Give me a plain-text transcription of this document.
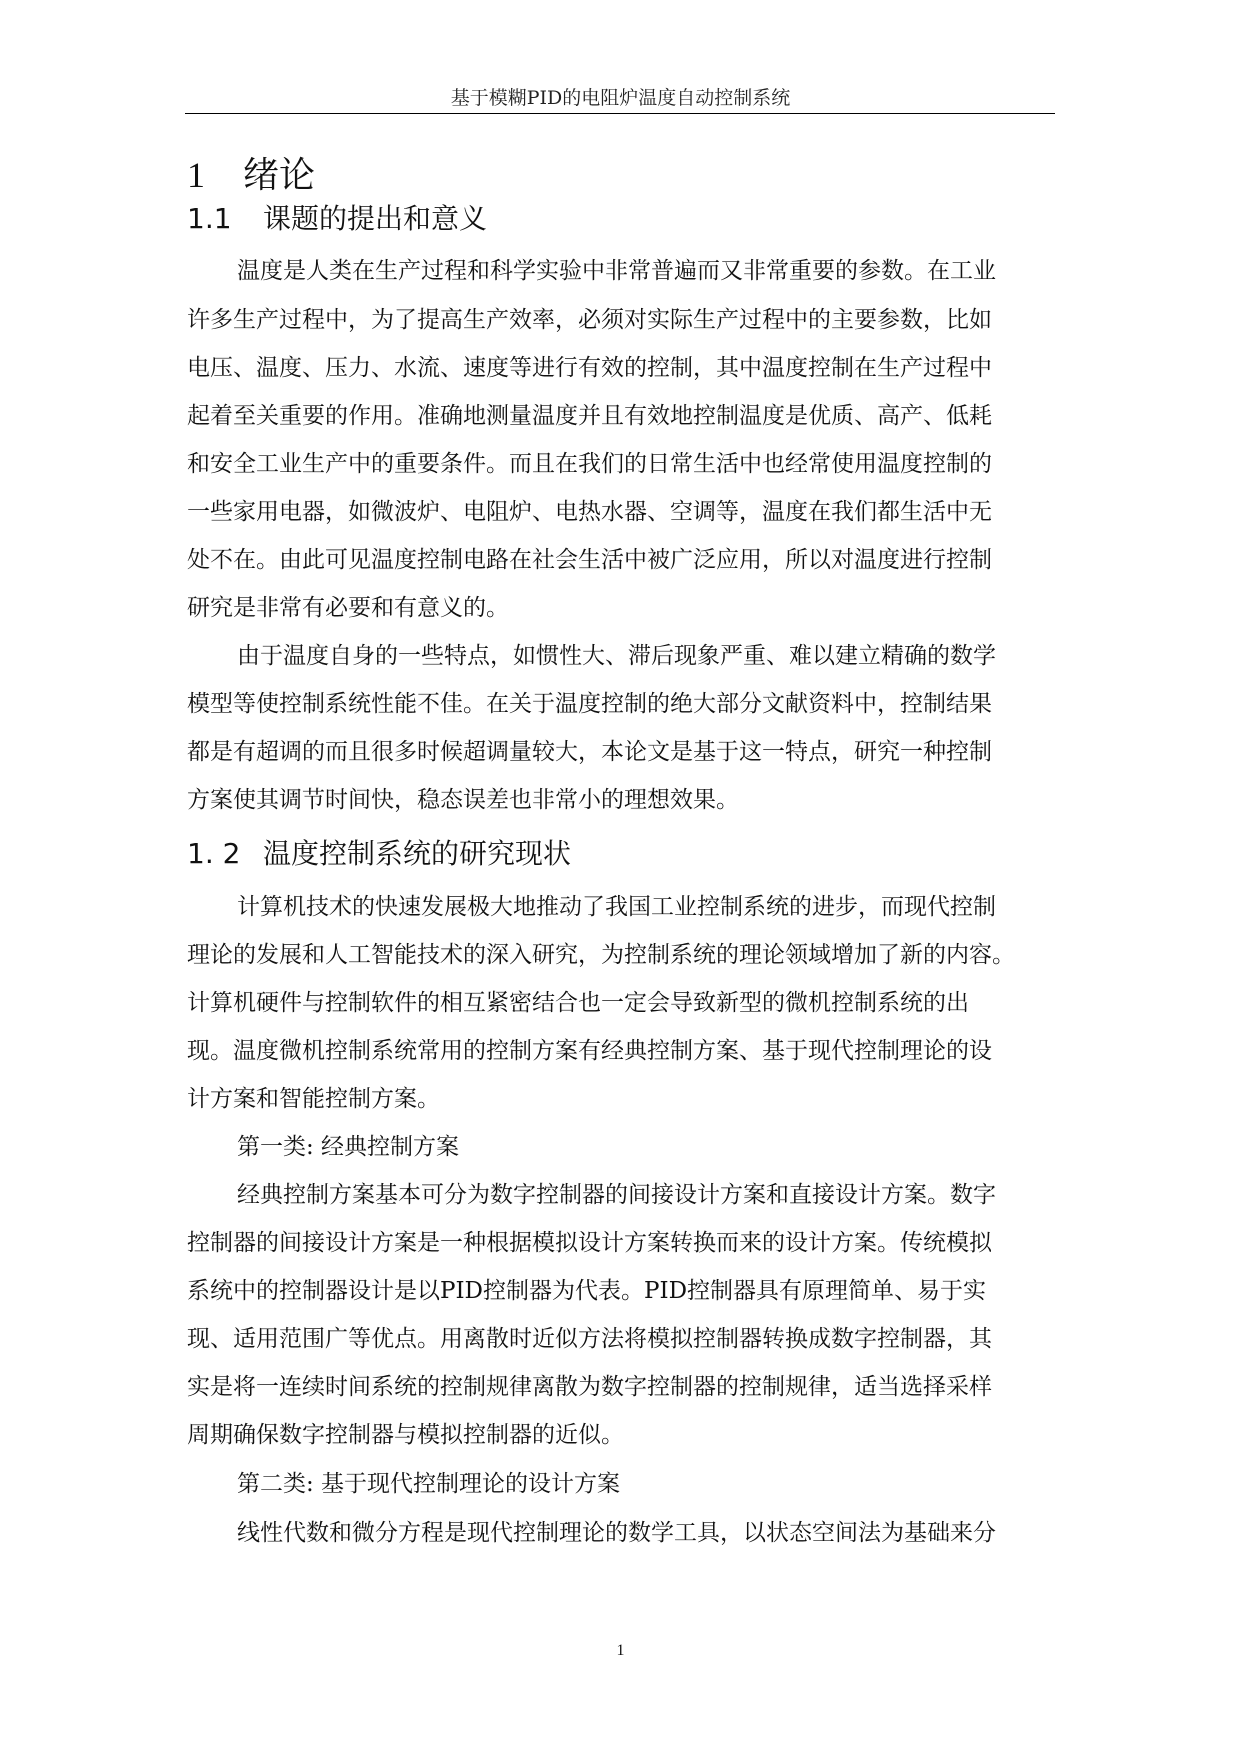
基于模糊PID的电阻炉温度自动控制系统
1 绪论
1.1 课题的提出和意义
温度是人类在生产过程和科学实验中非常普遍而又非常重要的参数。在工业
许多生产过程中，为了提高生产效率，必须对实际生产过程中的主要参数，比如
电压、温度、压力、水流、速度等进行有效的控制，其中温度控制在生产过程中
起着至关重要的作用。准确地测量温度并且有效地控制温度是优质、高产、低耗
和安全工业生产中的重要条件。而且在我们的日常生活中也经常使用温度控制的
一些家用电器，如微波炉、电阻炉、电热水器、空调等，温度在我们都生活中无
处不在。由此可见温度控制电路在社会生活中被广泛应用，所以对温度进行控制
研究是非常有必要和有意义的。
由于温度自身的一些特点，如惯性大、滞后现象严重、难以建立精确的数学
模型等使控制系统性能不佳。在关于温度控制的绝大部分文献资料中，控制结果
都是有超调的而且很多时候超调量较大，本论文是基于这一特点，研究一种控制
方案使其调节时间快，稳态误差也非常小的理想效果。
1. 2 温度控制系统的研究现状
计算机技术的快速发展极大地推动了我国工业控制系统的进步，而现代控制
理论的发展和人工智能技术的深入研究，为控制系统的理论领域增加了新的内容。
计算机硬件与控制软件的相互紧密结合也一定会导致新型的微机控制系统的出
现。温度微机控制系统常用的控制方案有经典控制方案、基于现代控制理论的设
计方案和智能控制方案。
第一类: 经典控制方案
经典控制方案基本可分为数字控制器的间接设计方案和直接设计方案。数字
控制器的间接设计方案是一种根据模拟设计方案转换而来的设计方案。传统模拟
系统中的控制器设计是以PID控制器为代表。PID控制器具有原理简单、易于实
现、适用范围广等优点。用离散时近似方法将模拟控制器转换成数字控制器，其
实是将一连续时间系统的控制规律离散为数字控制器的控制规律，适当选择采样
周期确保数字控制器与模拟控制器的近似。
第二类: 基于现代控制理论的设计方案
线性代数和微分方程是现代控制理论的数学工具，以状态空间法为基础来分
1
